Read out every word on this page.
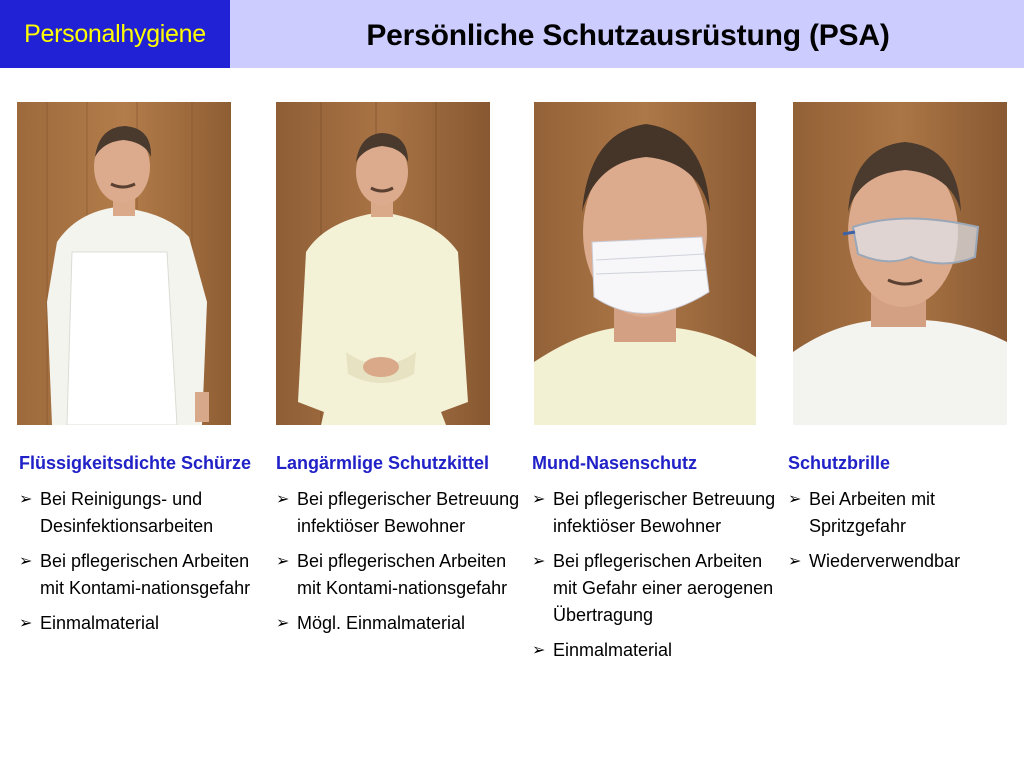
Personalhygiene	Persönliche Schutzausrüstung (PSA)
Flüssigkeitsdichte Schürze
➢ Bei Reinigungs- und Desinfektionsarbeiten
➢ Bei pflegerischen Arbeiten mit Kontami-nationsgefahr
➢ Einmalmaterial
Langärmlige Schutzkittel
➢ Bei pflegerischer Betreuung infektiöser Bewohner
➢ Bei pflegerischen Arbeiten mit Kontami-nationsgefahr
➢ Mögl. Einmalmaterial
Mund-Nasenschutz
➢ Bei pflegerischer Betreuung infektiöser Bewohner
➢ Bei pflegerischen Arbeiten mit Gefahr einer aerogenen Übertragung
➢ Einmalmaterial
Schutzbrille
➢ Bei Arbeiten mit Spritzgefahr
➢ Wiederverwendbar
